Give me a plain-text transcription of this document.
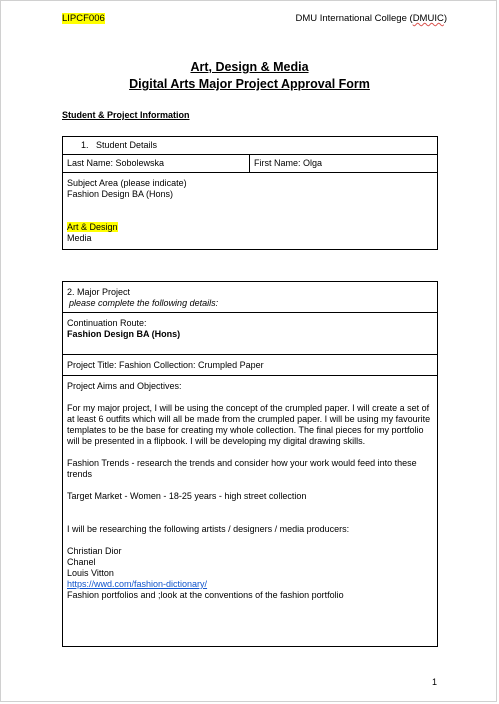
LIPCF006	DMU International College (DMUIC)
Art, Design & Media
Digital Arts Major Project Approval Form
Student & Project Information
1.   Student Details
Last Name: Sobolewska	First Name: Olga

Subject Area (please indicate)
Fashion Design BA (Hons)
Art & Design
Media
2. Major Project
please complete the following details:

Continuation Route:
Fashion Design BA (Hons)

Project Title: Fashion Collection: Crumpled Paper

Project Aims and Objectives:

For my major project, I will be using the concept of the crumpled paper. I will create a set of at least 6 outfits which will all be made from the crumpled paper. I will be using my favourite templates to be the base for creating my whole collection. The final pieces for my portfolio will be presented in a flipbook. I will be developing my digital drawing skills.

Fashion Trends - research the trends and consider how your work would feed into these trends

Target Market - Women - 18-25 years - high street collection
I will be researching the following artists / designers / media producers:
Christian Dior
Chanel
Louis Vitton
https://wwd.com/fashion-dictionary/
Fashion portfolios and ;look at the conventions of the fashion portfolio
1
